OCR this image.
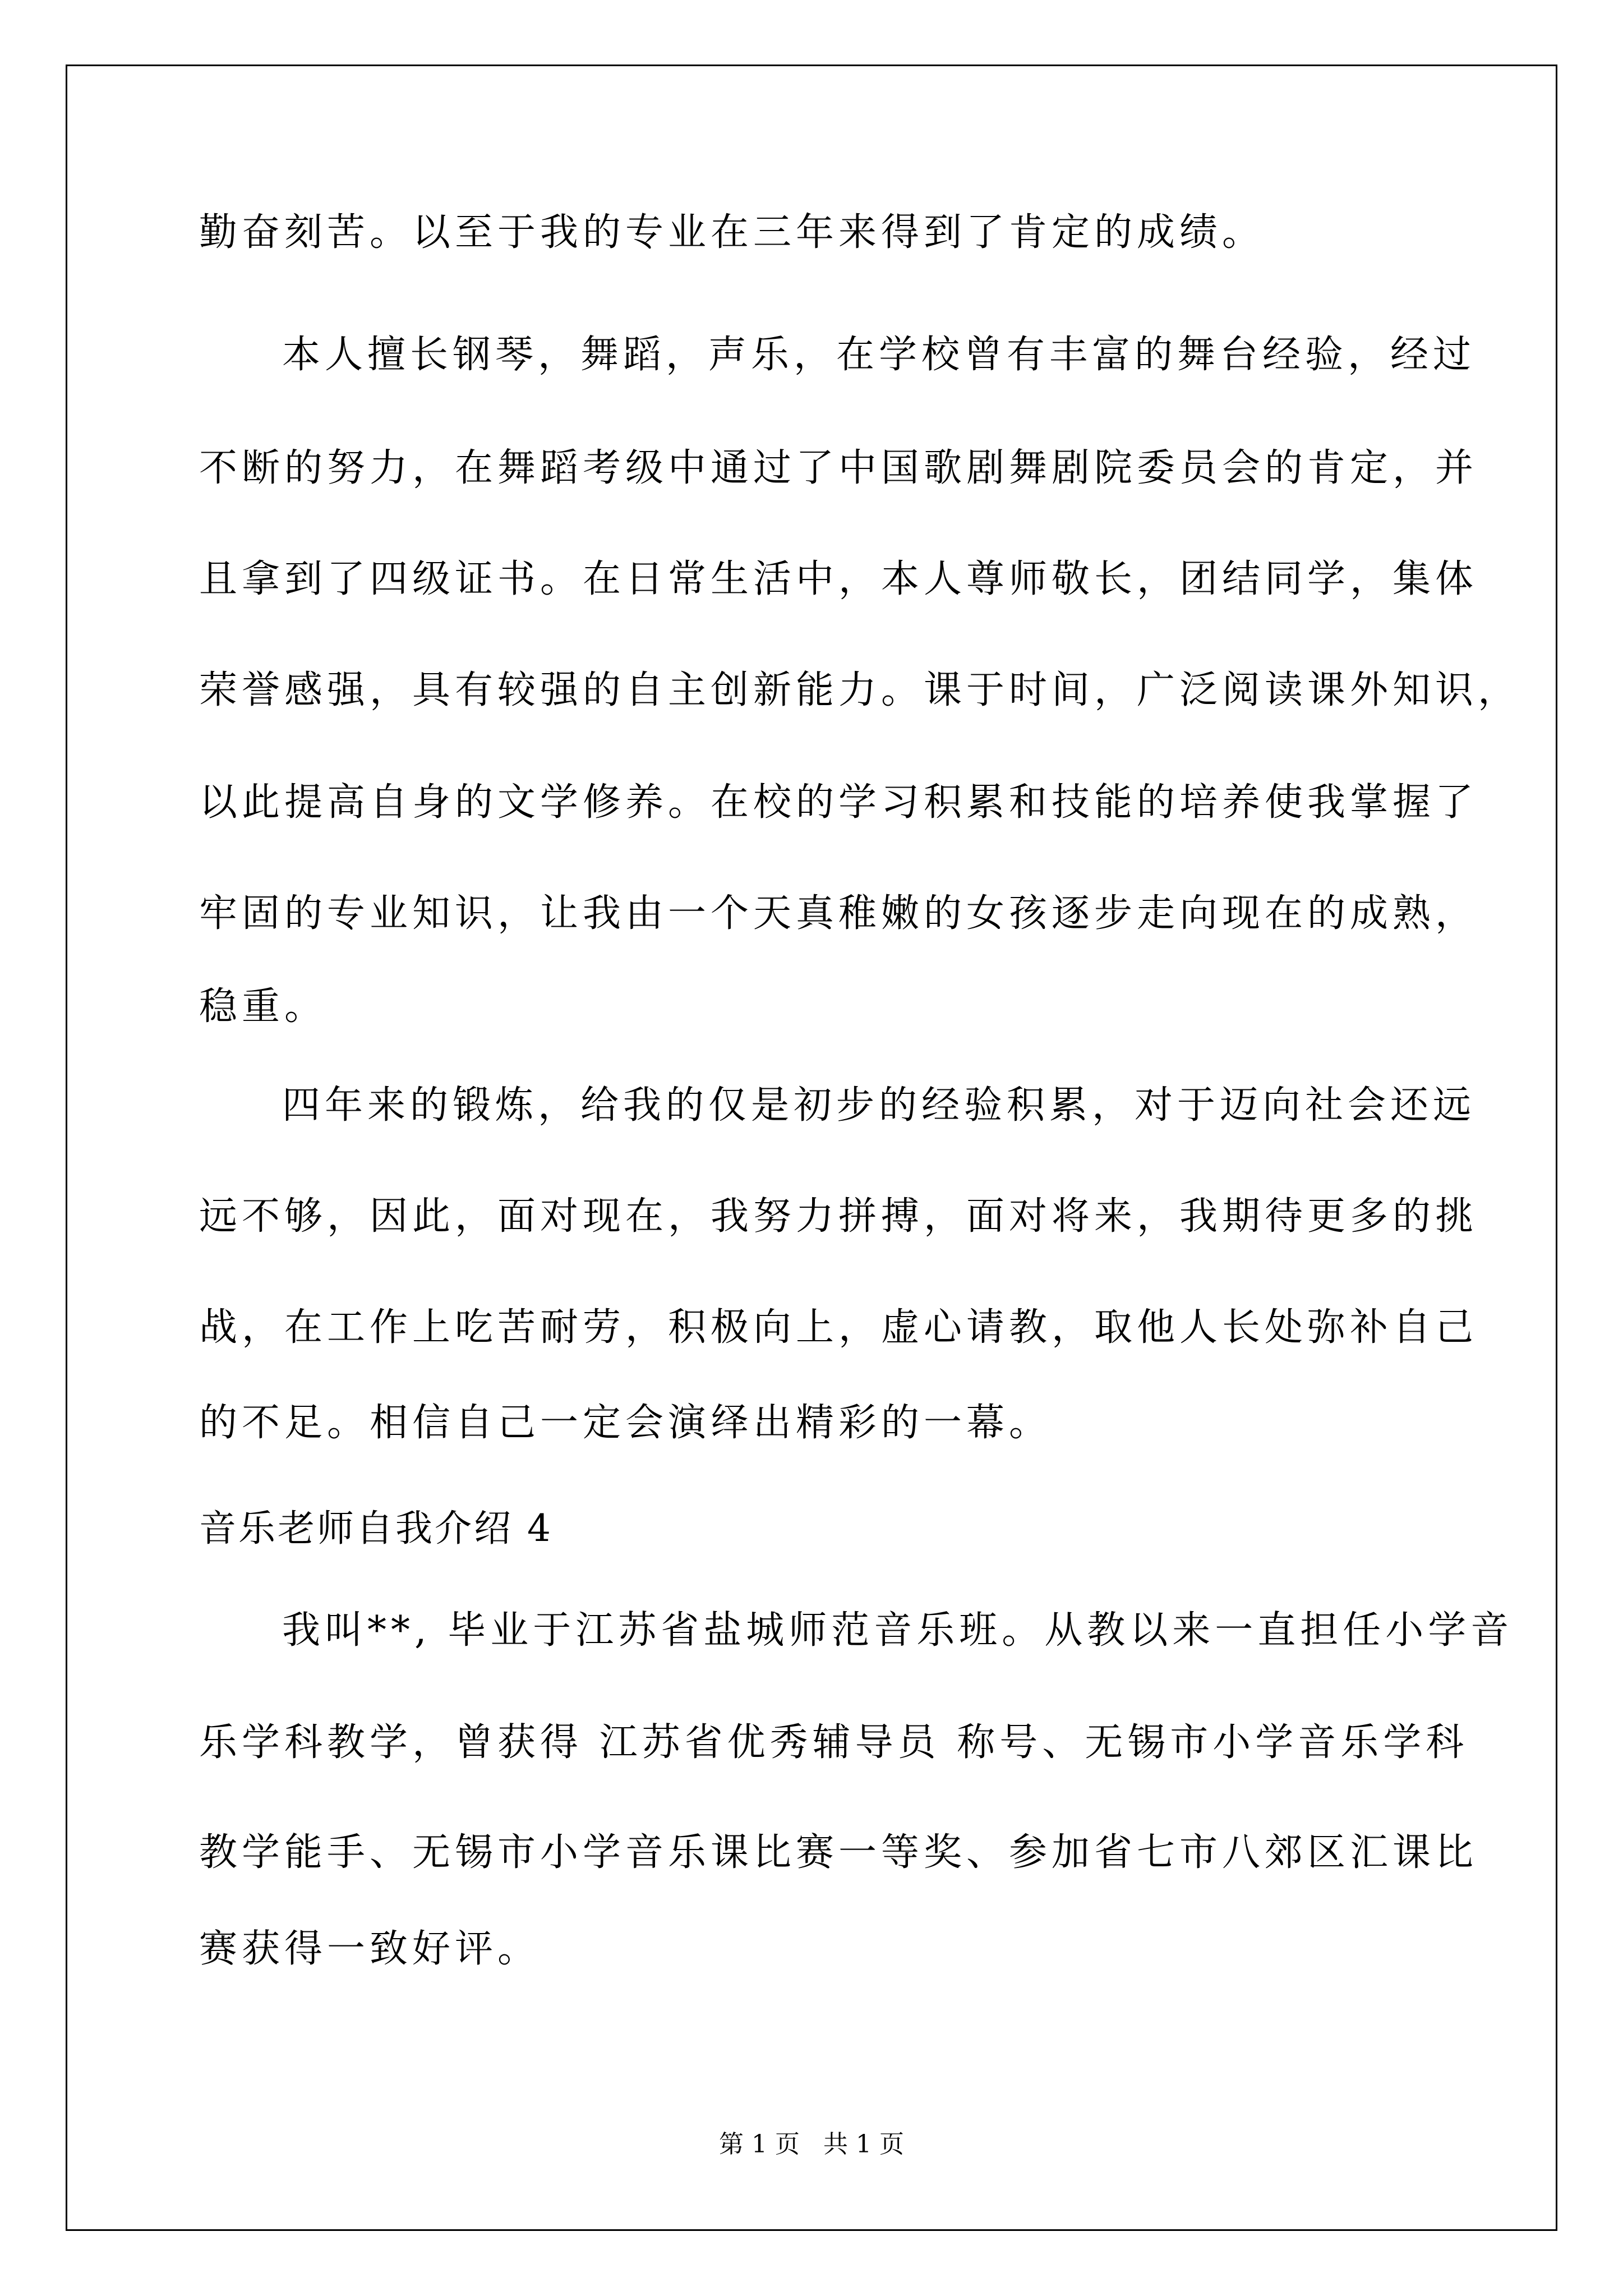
勤奋刻苦。以至于我的专业在三年来得到了肯定的成绩。
本人擅长钢琴，舞蹈，声乐，在学校曾有丰富的舞台经验，经过
不断的努力，在舞蹈考级中通过了中国歌剧舞剧院委员会的肯定，并
且拿到了四级证书。在日常生活中，本人尊师敬长，团结同学，集体
荣誉感强，具有较强的自主创新能力。课于时间，广泛阅读课外知识，
以此提高自身的文学修养。在校的学习积累和技能的培养使我掌握了
牢固的专业知识，让我由一个天真稚嫩的女孩逐步走向现在的成熟，
稳重。
四年来的锻炼，给我的仅是初步的经验积累，对于迈向社会还远
远不够，因此，面对现在，我努力拼搏，面对将来，我期待更多的挑
战，在工作上吃苦耐劳，积极向上，虚心请教，取他人长处弥补自己
的不足。相信自己一定会演绎出精彩的一幕。
音乐老师自我介绍 4
我叫**, 毕业于江苏省盐城师范音乐班。从教以来一直担任小学音
乐学科教学，曾获得 江苏省优秀辅导员 称号、无锡市小学音乐学科
教学能手、无锡市小学音乐课比赛一等奖、参加省七市八郊区汇课比
赛获得一致好评。
第 1 页 共 1 页
